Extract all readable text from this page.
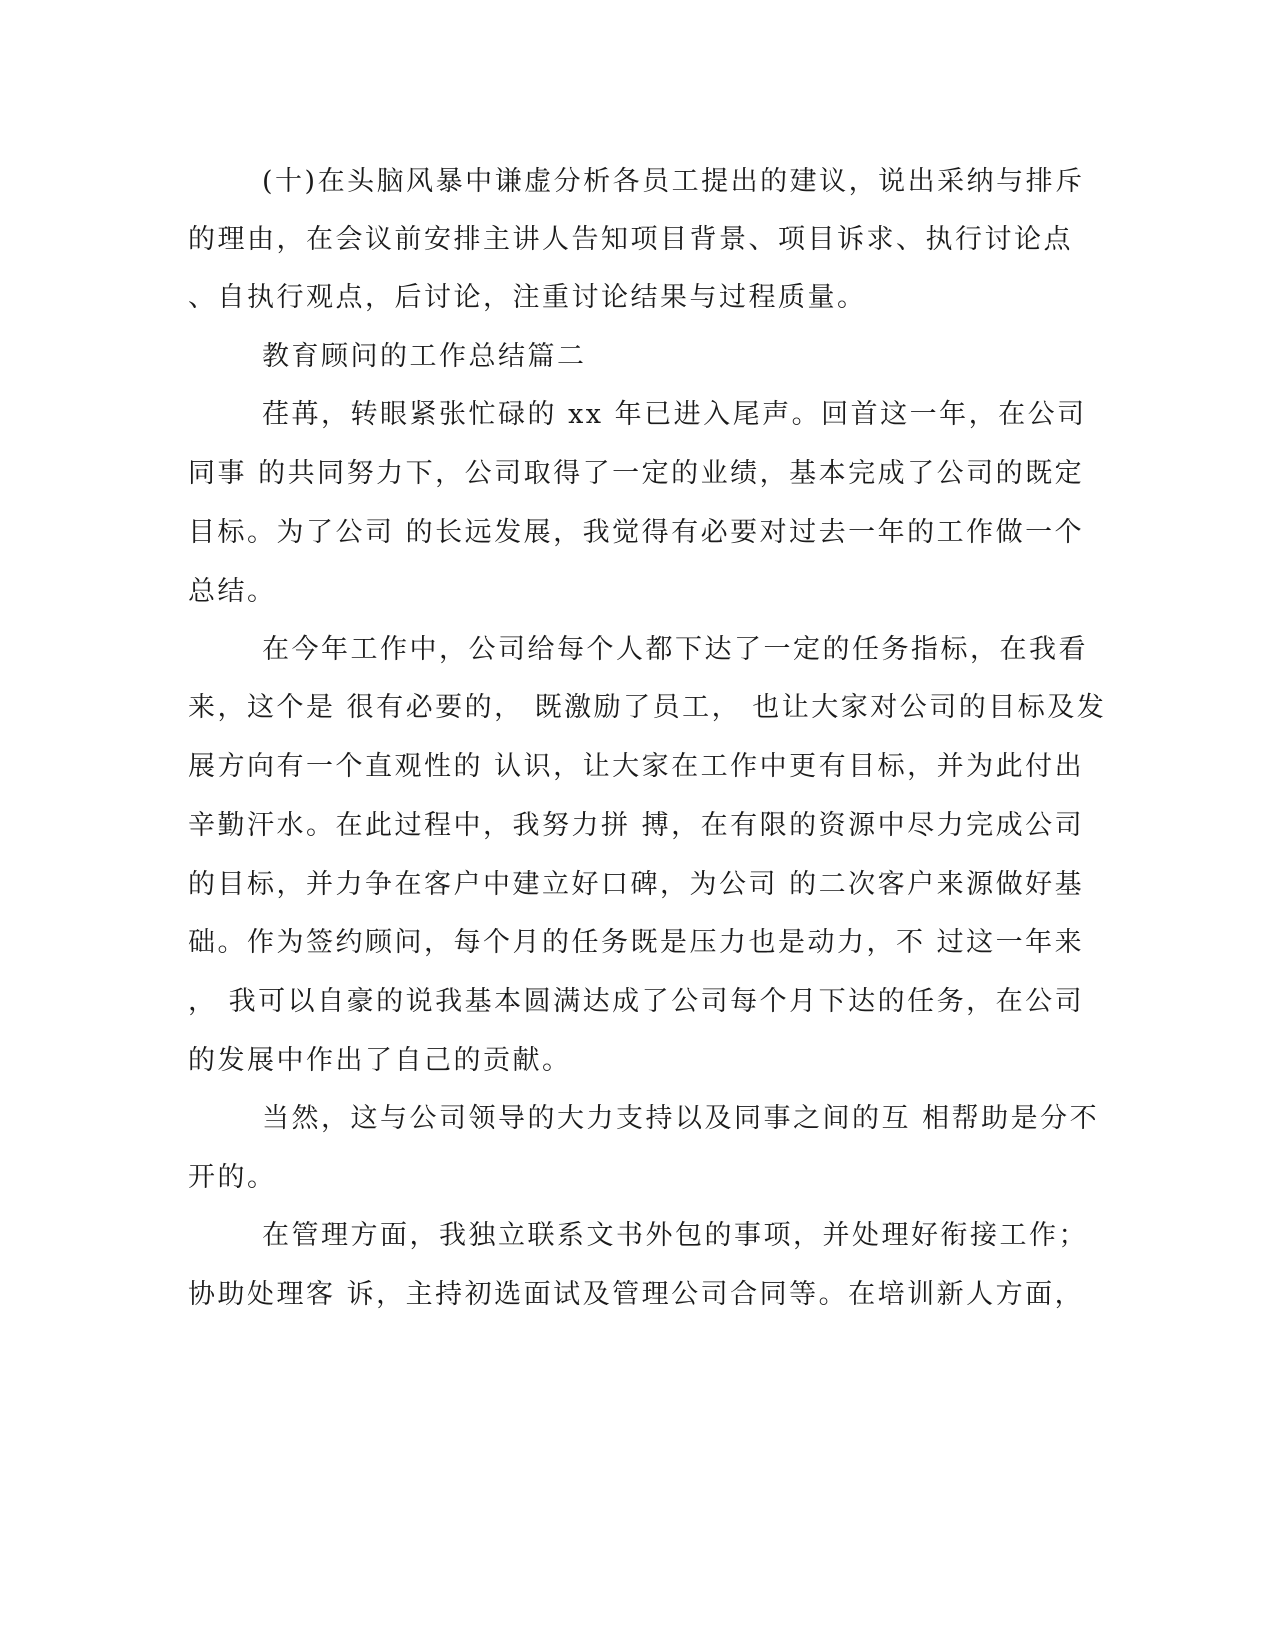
(十)在头脑风暴中谦虚分析各员工提出的建议，说出采纳与排斥
的理由，在会议前安排主讲人告知项目背景、项目诉求、执行讨论点
、自执行观点，后讨论，注重讨论结果与过程质量。
教育顾问的工作总结篇二
荏苒，转眼紧张忙碌的 xx 年已进入尾声。回首这一年，在公司
同事 的共同努力下，公司取得了一定的业绩，基本完成了公司的既定
目标。为了公司 的长远发展，我觉得有必要对过去一年的工作做一个
总结。
在今年工作中，公司给每个人都下达了一定的任务指标，在我看
来，这个是 很有必要的， 既激励了员工， 也让大家对公司的目标及发
展方向有一个直观性的 认识，让大家在工作中更有目标，并为此付出
辛勤汗水。在此过程中，我努力拼 搏，在有限的资源中尽力完成公司
的目标，并力争在客户中建立好口碑，为公司 的二次客户来源做好基
础。作为签约顾问，每个月的任务既是压力也是动力，不 过这一年来
， 我可以自豪的说我基本圆满达成了公司每个月下达的任务，在公司
的发展中作出了自己的贡献。
当然，这与公司领导的大力支持以及同事之间的互 相帮助是分不
开的。
在管理方面，我独立联系文书外包的事项，并处理好衔接工作；
协助处理客 诉，主持初选面试及管理公司合同等。在培训新人方面，
